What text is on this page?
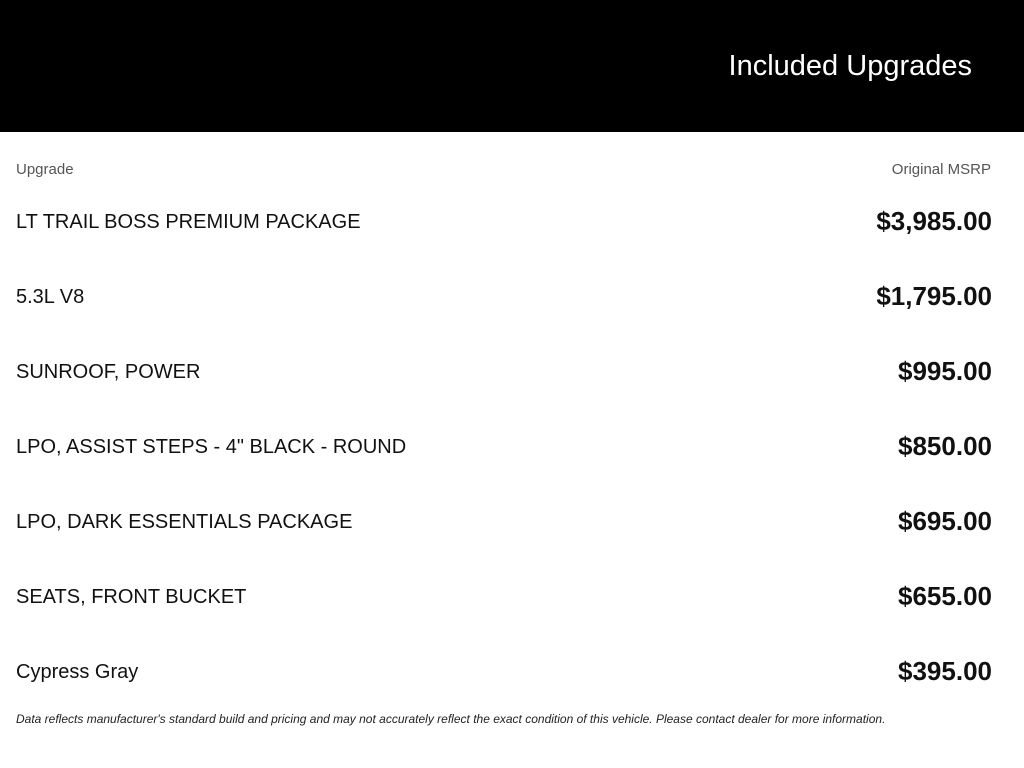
Included Upgrades
Upgrade	Original MSRP
LT TRAIL BOSS PREMIUM PACKAGE	$3,985.00
5.3L V8	$1,795.00
SUNROOF, POWER	$995.00
LPO, ASSIST STEPS - 4" BLACK - ROUND	$850.00
LPO, DARK ESSENTIALS PACKAGE	$695.00
SEATS, FRONT BUCKET	$655.00
Cypress Gray	$395.00
Data reflects manufacturer's standard build and pricing and may not accurately reflect the exact condition of this vehicle. Please contact dealer for more information.
